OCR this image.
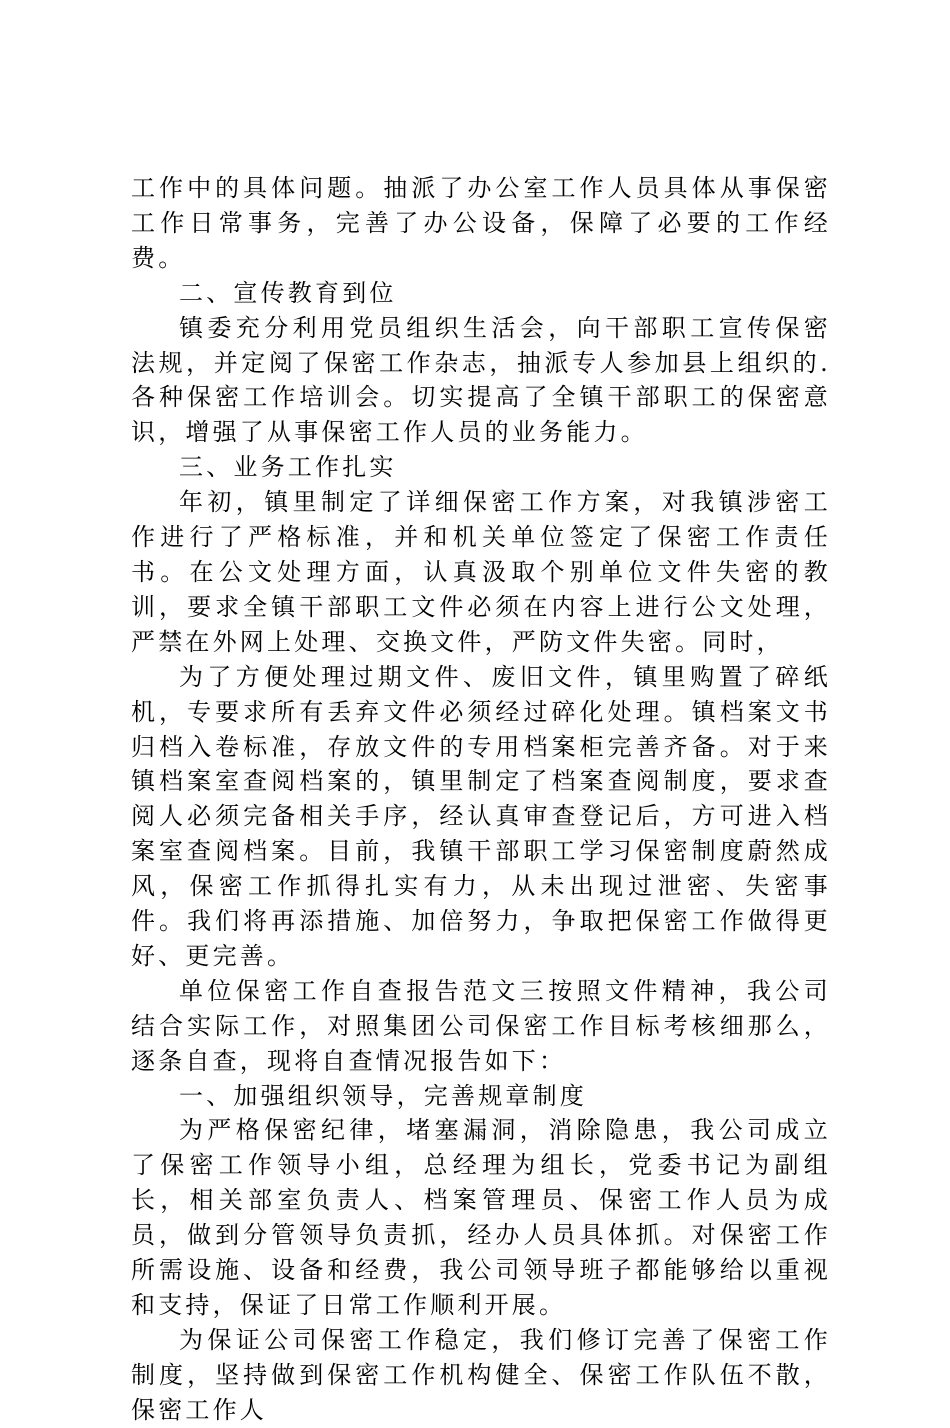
工作中的具体问题。抽派了办公室工作人员具体从事保密工作日常事务，完善了办公设备，保障了必要的工作经费。

二、宣传教育到位

镇委充分利用党员组织生活会，向干部职工宣传保密法规，并定阅了保密工作杂志，抽派专人参加县上组织的.各种保密工作培训会。切实提高了全镇干部职工的保密意识，增强了从事保密工作人员的业务能力。

三、业务工作扎实

年初，镇里制定了详细保密工作方案，对我镇涉密工作进行了严格标准，并和机关单位签定了保密工作责任书。在公文处理方面，认真汲取个别单位文件失密的教训，要求全镇干部职工文件必须在内容上进行公文处理，严禁在外网上处理、交换文件，严防文件失密。同时，

为了方便处理过期文件、废旧文件，镇里购置了碎纸机，专要求所有丢弃文件必须经过碎化处理。镇档案文书归档入卷标准，存放文件的专用档案柜完善齐备。对于来镇档案室查阅档案的，镇里制定了档案查阅制度，要求查阅人必须完备相关手序，经认真审查登记后，方可进入档案室查阅档案。目前，我镇干部职工学习保密制度蔚然成风，保密工作抓得扎实有力，从未出现过泄密、失密事件。我们将再添措施、加倍努力，争取把保密工作做得更好、更完善。

单位保密工作自查报告范文三按照文件精神，我公司结合实际工作，对照集团公司保密工作目标考核细那么，逐条自查，现将自查情况报告如下：

一、加强组织领导，完善规章制度

为严格保密纪律，堵塞漏洞，消除隐患，我公司成立了保密工作领导小组，总经理为组长，党委书记为副组长，相关部室负责人、档案管理员、保密工作人员为成员，做到分管领导负责抓，经办人员具体抓。对保密工作所需设施、设备和经费，我公司领导班子都能够给以重视和支持，保证了日常工作顺利开展。

为保证公司保密工作稳定，我们修订完善了保密工作制度，坚持做到保密工作机构健全、保密工作队伍不散，保密工作人
